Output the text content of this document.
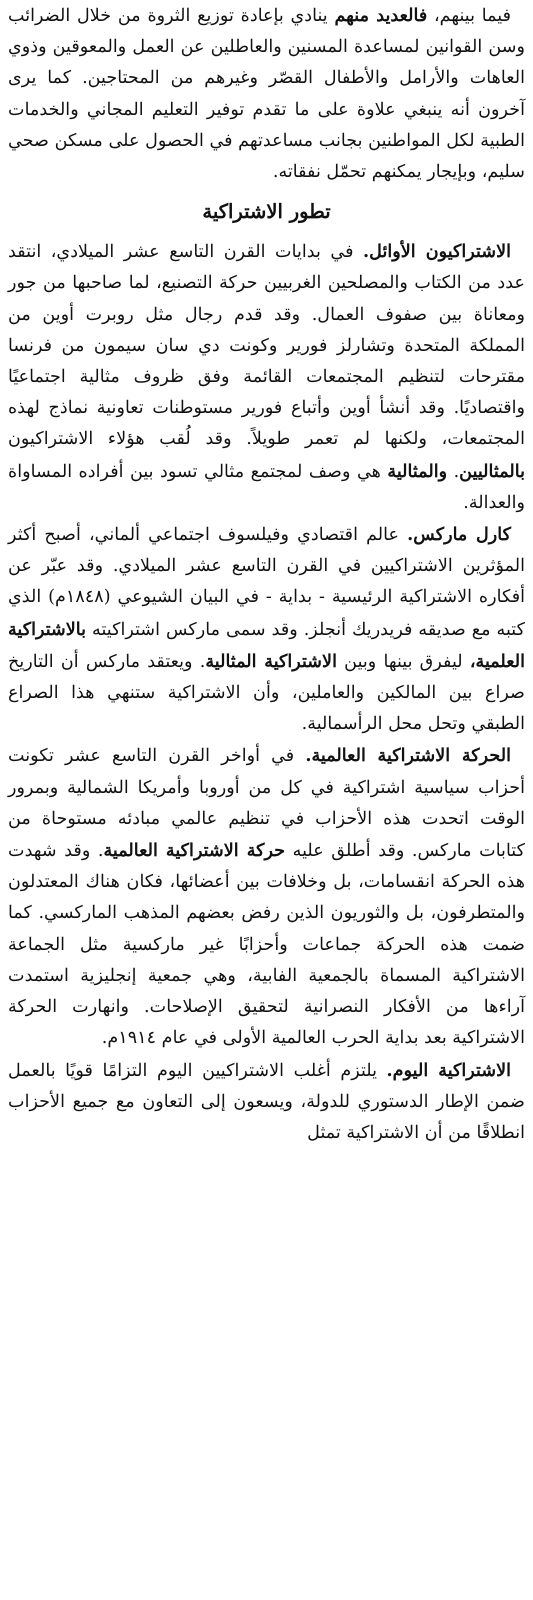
فيما بينهم، فالعديد منهم ينادي بإعادة توزيع الثروة من خلال الضرائب وسن القوانين لمساعدة المسنين والعاطلين عن العمل والمعوقين وذوي العاهات والأرامل والأطفال القصّر وغيرهم من المحتاجين. كما يرى آخرون أنه ينبغي علاوة على ما تقدم توفير التعليم المجاني والخدمات الطبية لكل المواطنين بجانب مساعدتهم في الحصول على مسكن صحي سليم، وبإيجار يمكنهم تحمّل نفقاته.

تطور الاشتراكية

الاشتراكيون الأوائل. في بدايات القرن التاسع عشر الميلادي، انتقد عدد من الكتاب والمصلحين الغربيين حركة التصنيع، لما صاحبها من جور ومعاناة بين صفوف العمال. وقد قدم رجال مثل روبرت أوين من المملكة المتحدة وتشارلز فورير وكونت دي سان سيمون من فرنسا مقترحات لتنظيم المجتمعات القائمة وفق ظروف مثالية اجتماعيًا واقتصاديًا. وقد أنشأ أوين وأتباع فورير مستوطنات تعاونية نماذج لهذه المجتمعات، ولكنها لم تعمر طويلاً. وقد لُقب هؤلاء الاشتراكيون بالمثاليين. والمثالية هي وصف لمجتمع مثالي تسود بين أفراده المساواة والعدالة.

كارل ماركس. عالم اقتصادي وفيلسوف اجتماعي ألماني، أصبح أكثر المؤثرين الاشتراكيين في القرن التاسع عشر الميلادي. وقد عبّر عن أفكاره الاشتراكية الرئيسية - بداية - في البيان الشيوعي (١٨٤٨م) الذي كتبه مع صديقه فريدريك أنجلز. وقد سمى ماركس اشتراكيته بالاشتراكية العلمية، ليفرق بينها وبين الاشتراكية المثالية. ويعتقد ماركس أن التاريخ صراع بين المالكين والعاملين، وأن الاشتراكية ستنهي هذا الصراع الطبقي وتحل محل الرأسمالية.

الحركة الاشتراكية العالمية. في أواخر القرن التاسع عشر تكونت أحزاب سياسية اشتراكية في كل من أوروبا وأمريكا الشمالية وبمرور الوقت اتحدت هذه الأحزاب في تنظيم عالمي مبادئه مستوحاة من كتابات ماركس. وقد أطلق عليه حركة الاشتراكية العالمية. وقد شهدت هذه الحركة انقسامات، بل وخلافات بين أعضائها، فكان هناك المعتدلون والمتطرفون، بل والثوريون الذين رفض بعضهم المذهب الماركسي. كما ضمت هذه الحركة جماعات وأحزابًا غير ماركسية مثل الجماعة الاشتراكية المسماة بالجمعية الفابية، وهي جمعية إنجليزية استمدت آراءها من الأفكار النصرانية لتحقيق الإصلاحات. وانهارت الحركة الاشتراكية بعد بداية الحرب العالمية الأولى في عام ١٩١٤م.

الاشتراكية اليوم. يلتزم أغلب الاشتراكيين اليوم التزامًا قويًا بالعمل ضمن الإطار الدستوري للدولة، ويسعون إلى التعاون مع جميع الأحزاب انطلاقًا من أن الاشتراكية تمثل
